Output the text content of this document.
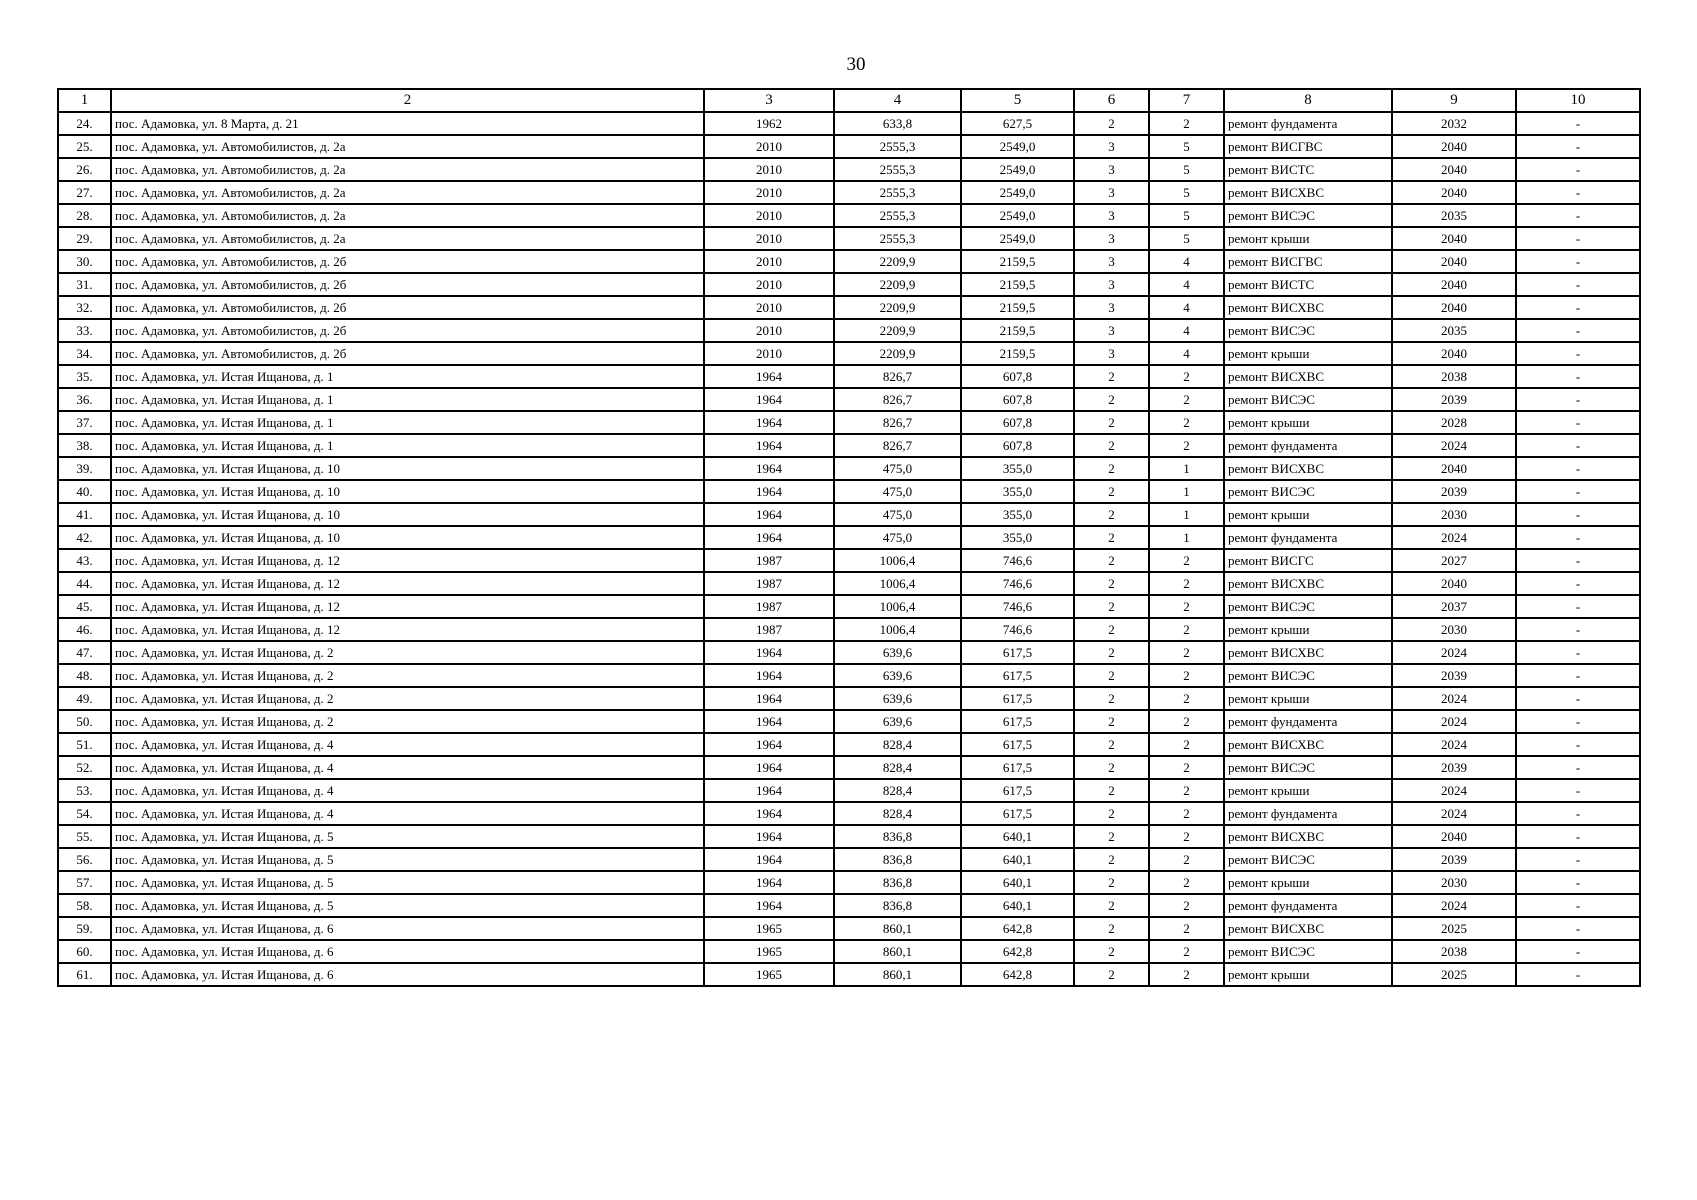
30
1	2	3	4	5	6	7	8	9	10
24.	пос. Адамовка, ул. 8 Марта, д. 21	1962	633,8	627,5	2	2	ремонт фундамента	2032	-
25.	пос. Адамовка, ул. Автомобилистов, д. 2а	2010	2555,3	2549,0	3	5	ремонт ВИСГВС	2040	-
26.	пос. Адамовка, ул. Автомобилистов, д. 2а	2010	2555,3	2549,0	3	5	ремонт ВИСТС	2040	-
27.	пос. Адамовка, ул. Автомобилистов, д. 2а	2010	2555,3	2549,0	3	5	ремонт ВИСХВС	2040	-
28.	пос. Адамовка, ул. Автомобилистов, д. 2а	2010	2555,3	2549,0	3	5	ремонт ВИСЭС	2035	-
29.	пос. Адамовка, ул. Автомобилистов, д. 2а	2010	2555,3	2549,0	3	5	ремонт крыши	2040	-
30.	пос. Адамовка, ул. Автомобилистов, д. 2б	2010	2209,9	2159,5	3	4	ремонт ВИСГВС	2040	-
31.	пос. Адамовка, ул. Автомобилистов, д. 2б	2010	2209,9	2159,5	3	4	ремонт ВИСТС	2040	-
32.	пос. Адамовка, ул. Автомобилистов, д. 2б	2010	2209,9	2159,5	3	4	ремонт ВИСХВС	2040	-
33.	пос. Адамовка, ул. Автомобилистов, д. 2б	2010	2209,9	2159,5	3	4	ремонт ВИСЭС	2035	-
34.	пос. Адамовка, ул. Автомобилистов, д. 2б	2010	2209,9	2159,5	3	4	ремонт крыши	2040	-
35.	пос. Адамовка, ул. Истая Ищанова, д. 1	1964	826,7	607,8	2	2	ремонт ВИСХВС	2038	-
36.	пос. Адамовка, ул. Истая Ищанова, д. 1	1964	826,7	607,8	2	2	ремонт ВИСЭС	2039	-
37.	пос. Адамовка, ул. Истая Ищанова, д. 1	1964	826,7	607,8	2	2	ремонт крыши	2028	-
38.	пос. Адамовка, ул. Истая Ищанова, д. 1	1964	826,7	607,8	2	2	ремонт фундамента	2024	-
39.	пос. Адамовка, ул. Истая Ищанова, д. 10	1964	475,0	355,0	2	1	ремонт ВИСХВС	2040	-
40.	пос. Адамовка, ул. Истая Ищанова, д. 10	1964	475,0	355,0	2	1	ремонт ВИСЭС	2039	-
41.	пос. Адамовка, ул. Истая Ищанова, д. 10	1964	475,0	355,0	2	1	ремонт крыши	2030	-
42.	пос. Адамовка, ул. Истая Ищанова, д. 10	1964	475,0	355,0	2	1	ремонт фундамента	2024	-
43.	пос. Адамовка, ул. Истая Ищанова, д. 12	1987	1006,4	746,6	2	2	ремонт ВИСГС	2027	-
44.	пос. Адамовка, ул. Истая Ищанова, д. 12	1987	1006,4	746,6	2	2	ремонт ВИСХВС	2040	-
45.	пос. Адамовка, ул. Истая Ищанова, д. 12	1987	1006,4	746,6	2	2	ремонт ВИСЭС	2037	-
46.	пос. Адамовка, ул. Истая Ищанова, д. 12	1987	1006,4	746,6	2	2	ремонт крыши	2030	-
47.	пос. Адамовка, ул. Истая Ищанова, д. 2	1964	639,6	617,5	2	2	ремонт ВИСХВС	2024	-
48.	пос. Адамовка, ул. Истая Ищанова, д. 2	1964	639,6	617,5	2	2	ремонт ВИСЭС	2039	-
49.	пос. Адамовка, ул. Истая Ищанова, д. 2	1964	639,6	617,5	2	2	ремонт крыши	2024	-
50.	пос. Адамовка, ул. Истая Ищанова, д. 2	1964	639,6	617,5	2	2	ремонт фундамента	2024	-
51.	пос. Адамовка, ул. Истая Ищанова, д. 4	1964	828,4	617,5	2	2	ремонт ВИСХВС	2024	-
52.	пос. Адамовка, ул. Истая Ищанова, д. 4	1964	828,4	617,5	2	2	ремонт ВИСЭС	2039	-
53.	пос. Адамовка, ул. Истая Ищанова, д. 4	1964	828,4	617,5	2	2	ремонт крыши	2024	-
54.	пос. Адамовка, ул. Истая Ищанова, д. 4	1964	828,4	617,5	2	2	ремонт фундамента	2024	-
55.	пос. Адамовка, ул. Истая Ищанова, д. 5	1964	836,8	640,1	2	2	ремонт ВИСХВС	2040	-
56.	пос. Адамовка, ул. Истая Ищанова, д. 5	1964	836,8	640,1	2	2	ремонт ВИСЭС	2039	-
57.	пос. Адамовка, ул. Истая Ищанова, д. 5	1964	836,8	640,1	2	2	ремонт крыши	2030	-
58.	пос. Адамовка, ул. Истая Ищанова, д. 5	1964	836,8	640,1	2	2	ремонт фундамента	2024	-
59.	пос. Адамовка, ул. Истая Ищанова, д. 6	1965	860,1	642,8	2	2	ремонт ВИСХВС	2025	-
60.	пос. Адамовка, ул. Истая Ищанова, д. 6	1965	860,1	642,8	2	2	ремонт ВИСЭС	2038	-
61.	пос. Адамовка, ул. Истая Ищанова, д. 6	1965	860,1	642,8	2	2	ремонт крыши	2025	-
